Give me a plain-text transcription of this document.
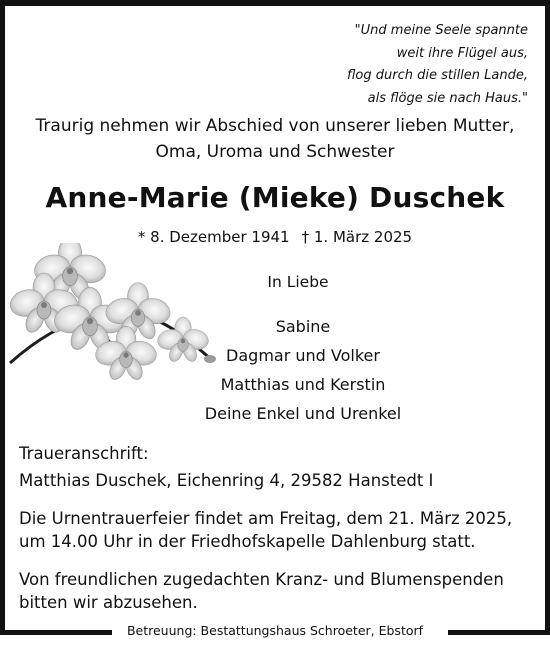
"Und meine Seele spannte
weit ihre Flügel aus,
flog durch die stillen Lande,
als flöge sie nach Haus."
Traurig nehmen wir Abschied von unserer lieben Mutter,
Oma, Uroma und Schwester
Anne-Marie (Mieke) Duschek
* 8. Dezember 1941 † 1. März 2025
In Liebe
Sabine
Dagmar und Volker
Matthias und Kerstin
Deine Enkel und Urenkel
Traueranschrift:
Matthias Duschek, Eichenring 4, 29582 Hanstedt I
Die Urnentrauerfeier findet am Freitag, dem 21. März 2025,
um 14.00 Uhr in der Friedhofskapelle Dahlenburg statt.
Von freundlichen zugedachten Kranz- und Blumenspenden
bitten wir abzusehen.
Betreuung: Bestattungshaus Schroeter, Ebstorf
